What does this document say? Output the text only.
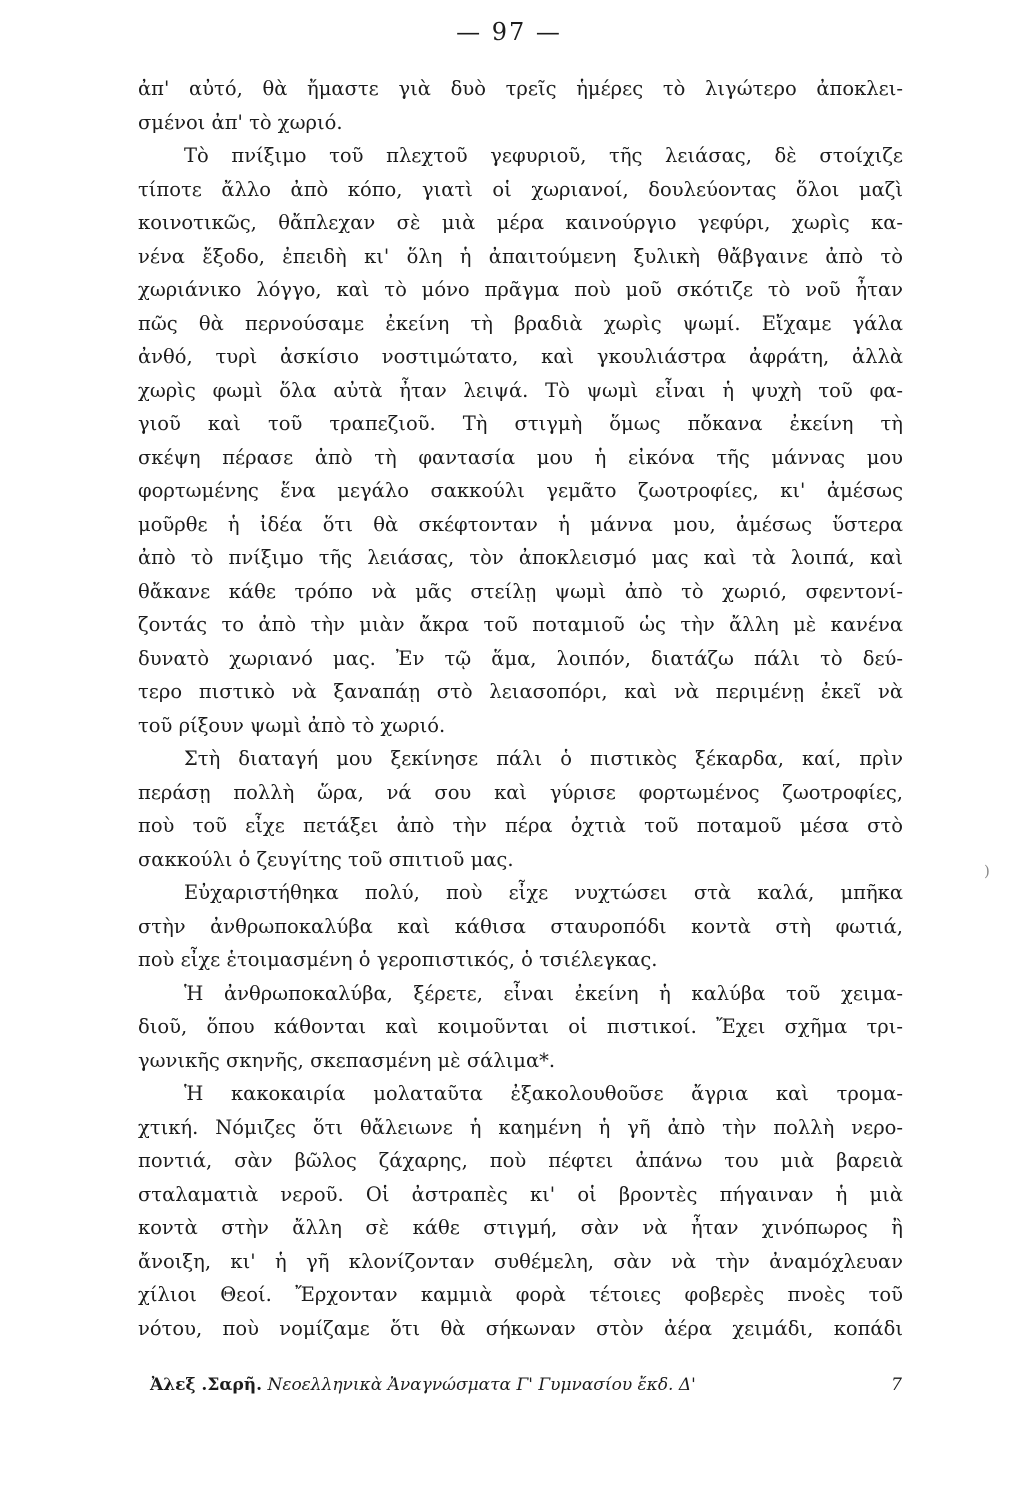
— 97 —
ἀπ' αὐτό, θὰ ἤμαστε γιὰ δυὸ τρεῖς ἡμέρες τὸ λιγώτερο ἀποκλει-
σμένοι ἀπ' τὸ χωριό.
Τὸ πνίξιμο τοῦ πλεχτοῦ γεφυριοῦ, τῆς λειάσας, δὲ στοίχιζε
τίποτε ἄλλο ἀπὸ κόπο, γιατὶ οἱ χωριανοί, δουλεύοντας ὅλοι μαζὶ
κοινοτικῶς, θἄπλεχαν σὲ μιὰ μέρα καινούργιο γεφύρι, χωρὶς κα-
νένα ἔξοδο, ἐπειδὴ κι' ὅλη ἡ ἀπαιτούμενη ξυλικὴ θἄβγαινε ἀπὸ τὸ
χωριάνικο λόγγο, καὶ τὸ μόνο πρᾶγμα ποὺ μοῦ σκότιζε τὸ νοῦ ἦταν
πῶς θὰ περνούσαμε ἐκείνη τὴ βραδιὰ χωρὶς ψωμί. Εἴχαμε γάλα
ἀνθό, τυρὶ ἀσκίσιο νοστιμώτατο, καὶ γκουλιάστρα ἀφράτη, ἀλλὰ
χωρὶς φωμὶ ὅλα αὐτὰ ἦταν λειψά. Τὸ ψωμὶ εἶναι ἡ ψυχὴ τοῦ φα-
γιοῦ καὶ τοῦ τραπεζιοῦ. Τὴ στιγμὴ ὅμως πὄκανα ἐκείνη τὴ
σκέψη πέρασε ἀπὸ τὴ φαντασία μου ἡ εἰκόνα τῆς μάννας μου
φορτωμένης ἕνα μεγάλο σακκούλι γεμᾶτο ζωοτροφίες, κι' ἀμέσως
μοῦρθε ἡ ἰδέα ὅτι θὰ σκέφτονταν ἡ μάννα μου, ἀμέσως ὕστερα
ἀπὸ τὸ πνίξιμο τῆς λειάσας, τὸν ἀποκλεισμό μας καὶ τὰ λοιπά, καὶ
θἄκανε κάθε τρόπο νὰ μᾶς στείλῃ ψωμὶ ἀπὸ τὸ χωριό, σφεντονί-
ζοντάς το ἀπὸ τὴν μιὰν ἄκρα τοῦ ποταμιοῦ ὡς τὴν ἄλλη μὲ κανένα
δυνατὸ χωριανό μας. Ἐν τῷ ἅμα, λοιπόν, διατάζω πάλι τὸ δεύ-
τερο πιστικὸ νὰ ξαναπάῃ στὸ λειασοπόρι, καὶ νὰ περιμένῃ ἐκεῖ νὰ
τοῦ ρίξουν ψωμὶ ἀπὸ τὸ χωριό.
Στὴ διαταγή μου ξεκίνησε πάλι ὁ πιστικὸς ξέκαρδα, καί, πρὶν
περάσῃ πολλὴ ὥρα, νά σου καὶ γύρισε φορτωμένος ζωοτροφίες,
ποὺ τοῦ εἶχε πετάξει ἀπὸ τὴν πέρα ὀχτιὰ τοῦ ποταμοῦ μέσα στὸ
σακκούλι ὁ ζευγίτης τοῦ σπιτιοῦ μας.
Εὐχαριστήθηκα πολύ, ποὺ εἶχε νυχτώσει στὰ καλά, μπῆκα
στὴν ἀνθρωποκαλύβα καὶ κάθισα σταυροπόδι κοντὰ στὴ φωτιά,
ποὺ εἶχε ἑτοιμασμένη ὁ γεροπιστικός, ὁ τσιέλεγκας.
Ἡ ἀνθρωποκαλύβα, ξέρετε, εἶναι ἐκείνη ἡ καλύβα τοῦ χειμα-
διοῦ, ὅπου κάθονται καὶ κοιμοῦνται οἱ πιστικοί. Ἔχει σχῆμα τρι-
γωνικῆς σκηνῆς, σκεπασμένη μὲ σάλιμα*.
Ἡ κακοκαιρία μολαταῦτα ἐξακολουθοῦσε ἄγρια καὶ τρομα-
χτική. Νόμιζες ὅτι θἄλειωνε ἡ καημένη ἡ γῆ ἀπὸ τὴν πολλὴ νερο-
ποντιά, σὰν βῶλος ζάχαρης, ποὺ πέφτει ἀπάνω του μιὰ βαρειὰ
σταλαματιὰ νεροῦ. Οἱ ἀστραπὲς κι' οἱ βροντὲς πήγαιναν ἡ μιὰ
κοντὰ στὴν ἄλλη σὲ κάθε στιγμή, σὰν νὰ ἦταν χινόπωρος ἢ
ἄνοιξη, κι' ἡ γῆ κλονίζονταν συθέμελη, σὰν νὰ τὴν ἀναμόχλευαν
χίλιοι Θεοί. Ἔρχονταν καμμιὰ φορὰ τέτοιες φοβερὲς πνοὲς τοῦ
νότου, ποὺ νομίζαμε ὅτι θὰ σήκωναν στὸν ἀέρα χειμάδι, κοπάδι
)
Ἀλεξ .Σαρῆ. Νεοελληνικὰ Ἀναγνώσματα Γ' Γυμνασίου ἔκδ. Δ'	7
